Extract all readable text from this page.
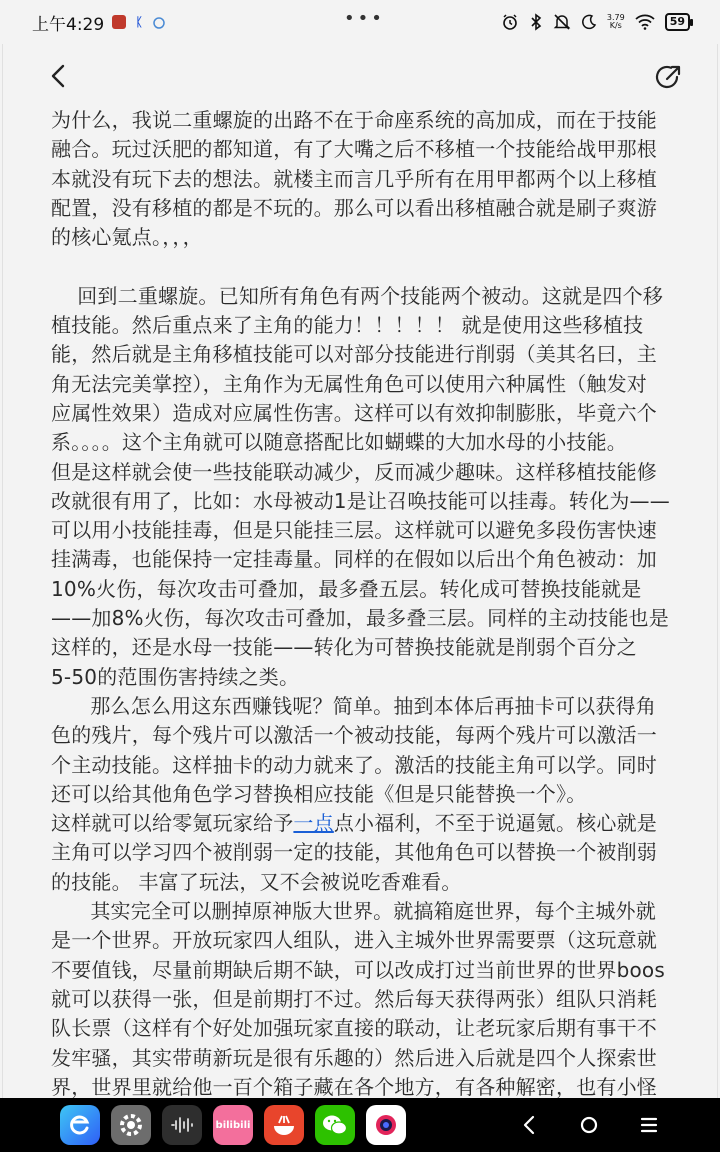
上午4:29	ᛕ	•••	3.79
K/s	59

为什么，我说二重螺旋的出路不在于命座系统的高加成，而在于技能
融合。玩过沃肥的都知道，有了大嘴之后不移植一个技能给战甲那根
本就没有玩下去的想法。就楼主而言几乎所有在用甲都两个以上移植
配置，没有移植的都是不玩的。那么可以看出移植融合就是刷子爽游
的核心氪点。，，，

回到二重螺旋。已知所有角色有两个技能两个被动。这就是四个移
植技能。然后重点来了主角的能力！！！！！ 就是使用这些移植技
能，然后就是主角移植技能可以对部分技能进行削弱（美其名曰，主
角无法完美掌控），主角作为无属性角色可以使用六种属性（触发对
应属性效果）造成对应属性伤害。这样可以有效抑制膨胀，毕竟六个
系。。。。这个主角就可以随意搭配比如蝴蝶的大加水母的小技能。
但是这样就会使一些技能联动减少，反而减少趣味。这样移植技能修
改就很有用了，比如：水母被动1是让召唤技能可以挂毒。转化为——
可以用小技能挂毒，但是只能挂三层。这样就可以避免多段伤害快速
挂满毒，也能保持一定挂毒量。同样的在假如以后出个角色被动：加
10%火伤，每次攻击可叠加，最多叠五层。转化成可替换技能就是
——加8%火伤，每次攻击可叠加，最多叠三层。同样的主动技能也是
这样的，还是水母一技能——转化为可替换技能就是削弱个百分之
5-50的范围伤害持续之类。

那么怎么用这东西赚钱呢？简单。抽到本体后再抽卡可以获得角
色的残片，每个残片可以激活一个被动技能，每两个残片可以激活一
个主动技能。这样抽卡的动力就来了。激活的技能主角可以学。同时
还可以给其他角色学习替换相应技能《但是只能替换一个》。

这样就可以给零氪玩家给予一点点小福利，不至于说逼氪。核心就是
主角可以学习四个被削弱一定的技能，其他角色可以替换一个被削弱
的技能。 丰富了玩法，又不会被说吃香难看。

其实完全可以删掉原神版大世界。就搞箱庭世界，每个主城外就
是一个世界。开放玩家四人组队，进入主城外世界需要票（这玩意就
不要值钱，尽量前期缺后期不缺，可以改成打过当前世界的世界boos
就可以获得一张，但是前期打不过。然后每天获得两张）组队只消耗
队长票（这样有个好处加强玩家直接的联动，让老玩家后期有事干不
发牢骚，其实带萌新玩是很有乐趣的）然后进入后就是四个人探索世
界，世界里就给他一百个箱子藏在各个地方，有各种解密，也有小怪

bilibili
